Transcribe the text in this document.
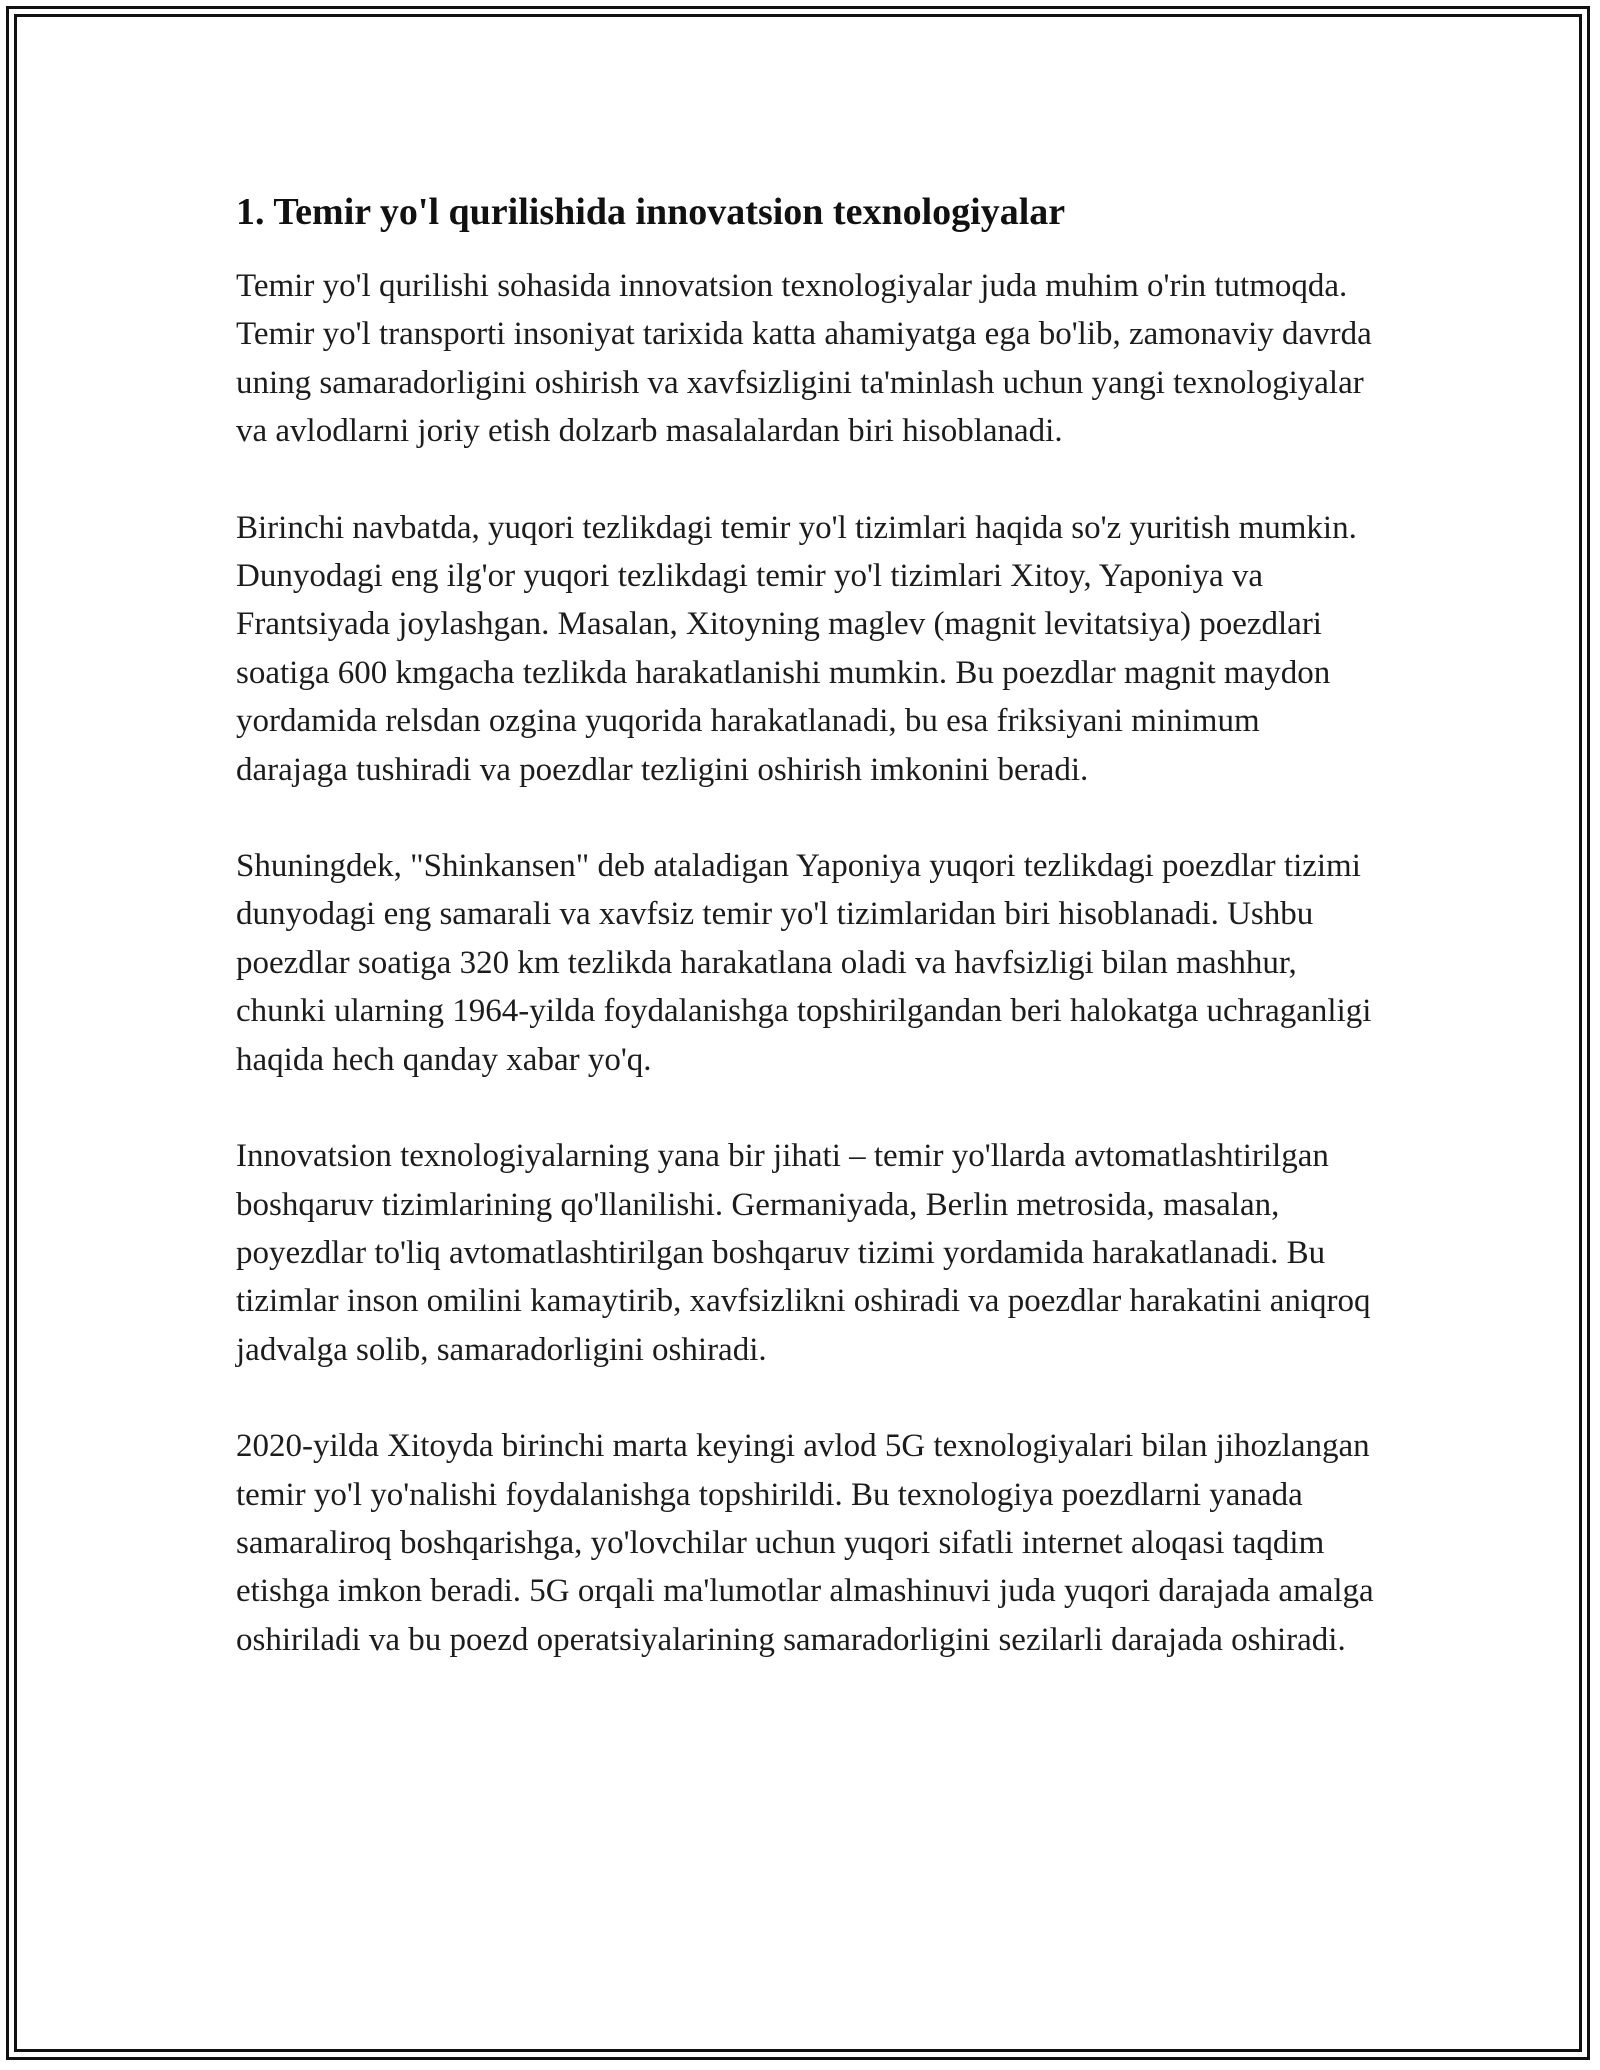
1. Temir yo'l qurilishida innovatsion texnologiyalar

Temir yo'l qurilishi sohasida innovatsion texnologiyalar juda muhim o'rin tutmoqda. Temir yo'l transporti insoniyat tarixida katta ahamiyatga ega bo'lib, zamonaviy davrda uning samaradorligini oshirish va xavfsizligini ta'minlash uchun yangi texnologiyalar va avlodlarni joriy etish dolzarb masalalardan biri hisoblanadi.

Birinchi navbatda, yuqori tezlikdagi temir yo'l tizimlari haqida so'z yuritish mumkin. Dunyodagi eng ilg'or yuqori tezlikdagi temir yo'l tizimlari Xitoy, Yaponiya va Frantsiyada joylashgan. Masalan, Xitoyning maglev (magnit levitatsiya) poezdlari soatiga 600 kmgacha tezlikda harakatlanishi mumkin. Bu poezdlar magnit maydon yordamida relsdan ozgina yuqorida harakatlanadi, bu esa friksiyani minimum darajaga tushiradi va poezdlar tezligini oshirish imkonini beradi.

Shuningdek, "Shinkansen" deb ataladigan Yaponiya yuqori tezlikdagi poezdlar tizimi dunyodagi eng samarali va xavfsiz temir yo'l tizimlaridan biri hisoblanadi. Ushbu poezdlar soatiga 320 km tezlikda harakatlana oladi va havfsizligi bilan mashhur, chunki ularning 1964-yilda foydalanishga topshirilgandan beri halokatga uchraganligi haqida hech qanday xabar yo'q.

Innovatsion texnologiyalarning yana bir jihati – temir yo'llarda avtomatlashtirilgan boshqaruv tizimlarining qo'llanilishi. Germaniyada, Berlin metrosida, masalan, poyezdlar to'liq avtomatlashtirilgan boshqaruv tizimi yordamida harakatlanadi. Bu tizimlar inson omilini kamaytirib, xavfsizlikni oshiradi va poezdlar harakatini aniqroq jadvalga solib, samaradorligini oshiradi.

2020-yilda Xitoyda birinchi marta keyingi avlod 5G texnologiyalari bilan jihozlangan temir yo'l yo'nalishi foydalanishga topshirildi. Bu texnologiya poezdlarni yanada samaraliroq boshqarishga, yo'lovchilar uchun yuqori sifatli internet aloqasi taqdim etishga imkon beradi. 5G orqali ma'lumotlar almashinuvi juda yuqori darajada amalga oshiriladi va bu poezd operatsiyalarining samaradorligini sezilarli darajada oshiradi.
